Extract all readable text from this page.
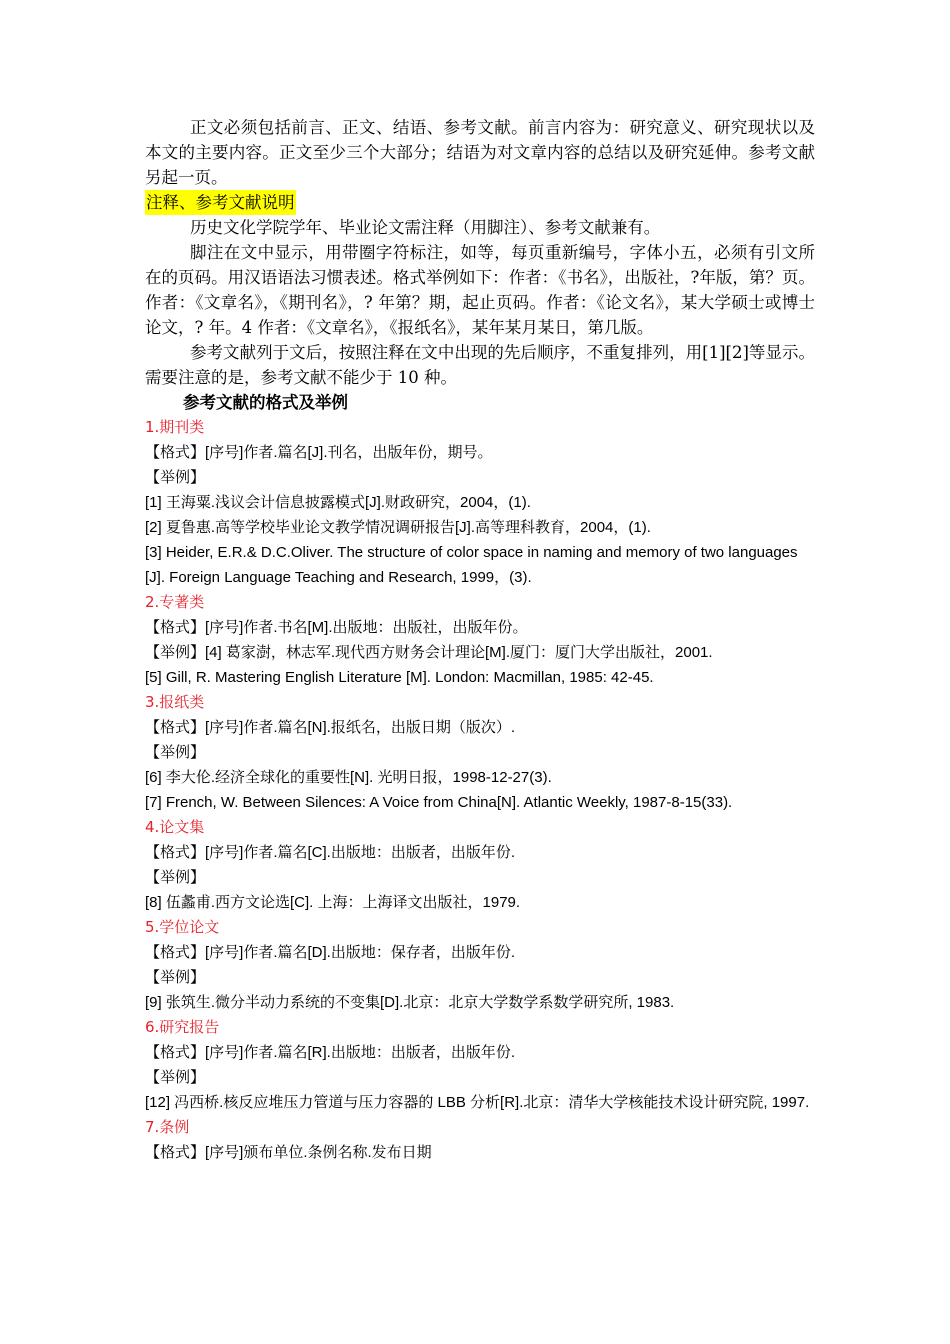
正文必须包括前言、正文、结语、参考文献。前言内容为：研究意义、研究现状以及本文的主要内容。正文至少三个大部分；结语为对文章内容的总结以及研究延伸。参考文献另起一页。

注释、参考文献说明

历史文化学院学年、毕业论文需注释（用脚注）、参考文献兼有。

脚注在文中显示，用带圈字符标注，如等，每页重新编号，字体小五，必须有引文所在的页码。用汉语语法习惯表述。格式举例如下：作者：《书名》，出版社，?年版，第？页。作者：《文章名》，《期刊名》，? 年第？期，起止页码。作者：《论文名》，某大学硕士或博士论文，? 年。4 作者：《文章名》，《报纸名》，某年某月某日，第几版。

参考文献列于文后，按照注释在文中出现的先后顺序，不重复排列，用[1][2]等显示。需要注意的是，参考文献不能少于 10 种。

参考文献的格式及举例

1.期刊类

【格式】[序号]作者.篇名[J].刊名，出版年份，期号。

【举例】

[1] 王海粟.浅议会计信息披露模式[J].财政研究，2004，(1).

[2] 夏鲁惠.高等学校毕业论文教学情况调研报告[J].高等理科教育，2004，(1).

[3] Heider, E.R.& D.C.Oliver. The structure of color space in naming and memory of two languages [J]. Foreign Language Teaching and Research, 1999，(3).

2.专著类

【格式】[序号]作者.书名[M].出版地：出版社，出版年份。

【举例】[4] 葛家澍，林志军.现代西方财务会计理论[M].厦门：厦门大学出版社，2001.

[5] Gill, R. Mastering English Literature [M]. London: Macmillan, 1985: 42-45.

3.报纸类

【格式】[序号]作者.篇名[N].报纸名，出版日期（版次）.

【举例】

[6] 李大伦.经济全球化的重要性[N]. 光明日报，1998-12-27(3).

[7] French, W. Between Silences: A Voice from China[N]. Atlantic Weekly, 1987-8-15(33).

4.论文集

【格式】[序号]作者.篇名[C].出版地：出版者，出版年份.

【举例】

[8] 伍蠡甫.西方文论选[C]. 上海：上海译文出版社，1979.

5.学位论文

【格式】[序号]作者.篇名[D].出版地：保存者，出版年份.

【举例】

[9] 张筑生.微分半动力系统的不变集[D].北京：北京大学数学系数学研究所, 1983.

6.研究报告

【格式】[序号]作者.篇名[R].出版地：出版者，出版年份.

【举例】

[12] 冯西桥.核反应堆压力管道与压力容器的 LBB 分析[R].北京：清华大学核能技术设计研究院, 1997.

7.条例

【格式】[序号]颁布单位.条例名称.发布日期
